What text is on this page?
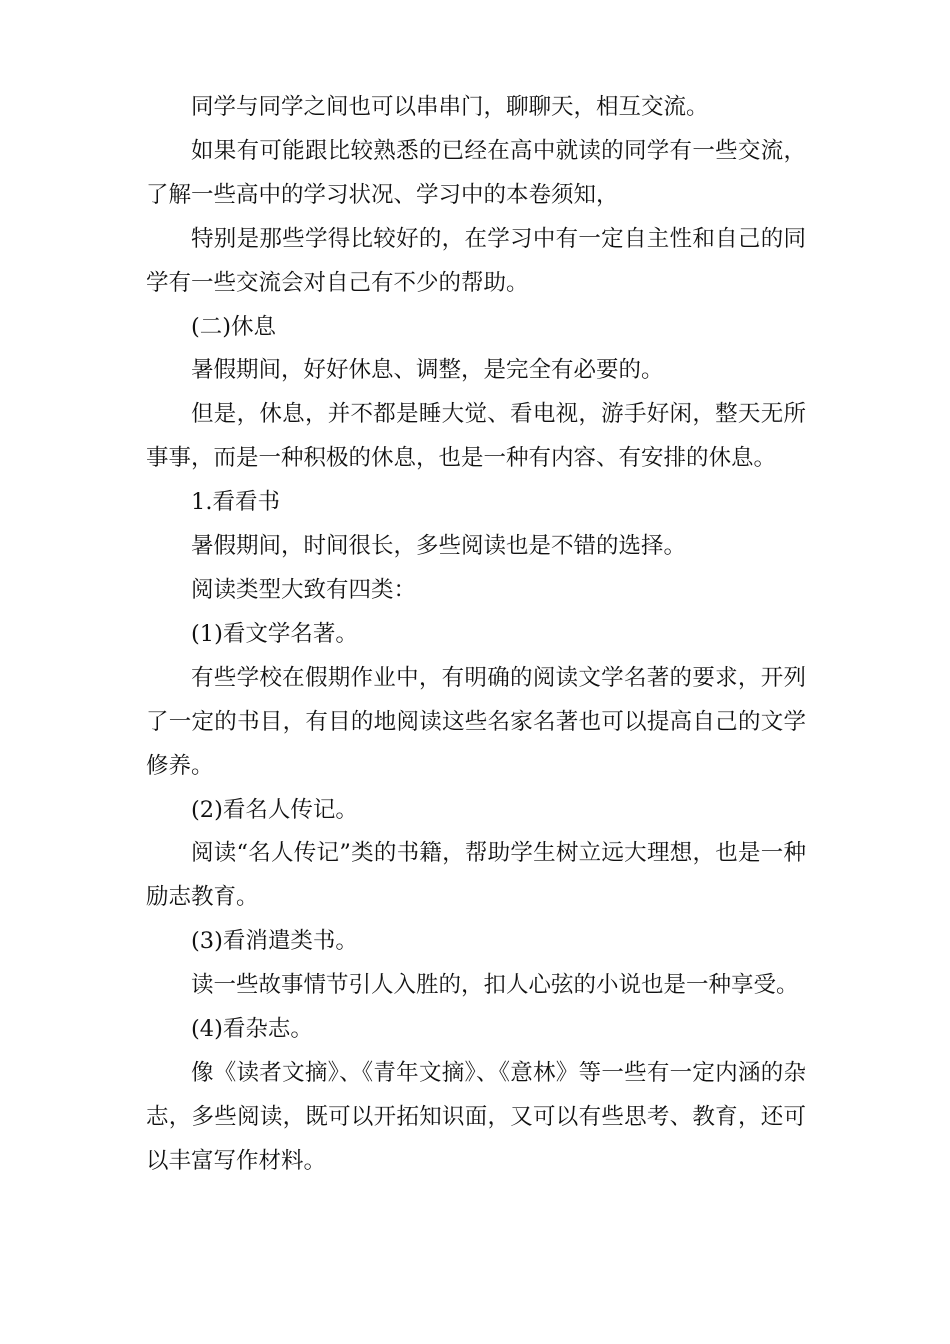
同学与同学之间也可以串串门，聊聊天，相互交流。

如果有可能跟比较熟悉的已经在高中就读的同学有一些交流，了解一些高中的学习状况、学习中的本卷须知，

特别是那些学得比较好的，在学习中有一定自主性和自己的同学有一些交流会对自己有不少的帮助。

(二)休息

暑假期间，好好休息、调整，是完全有必要的。

但是，休息，并不都是睡大觉、看电视，游手好闲，整天无所事事，而是一种积极的休息，也是一种有内容、有安排的休息。

1.看看书

暑假期间，时间很长，多些阅读也是不错的选择。

阅读类型大致有四类：

(1)看文学名著。

有些学校在假期作业中，有明确的阅读文学名著的要求，开列了一定的书目，有目的地阅读这些名家名著也可以提高自己的文学修养。

(2)看名人传记。

阅读“名人传记”类的书籍，帮助学生树立远大理想，也是一种励志教育。

(3)看消遣类书。

读一些故事情节引人入胜的，扣人心弦的小说也是一种享受。

(4)看杂志。

像《读者文摘》、《青年文摘》、《意林》等一些有一定内涵的杂志，多些阅读，既可以开拓知识面，又可以有些思考、教育，还可以丰富写作材料。
